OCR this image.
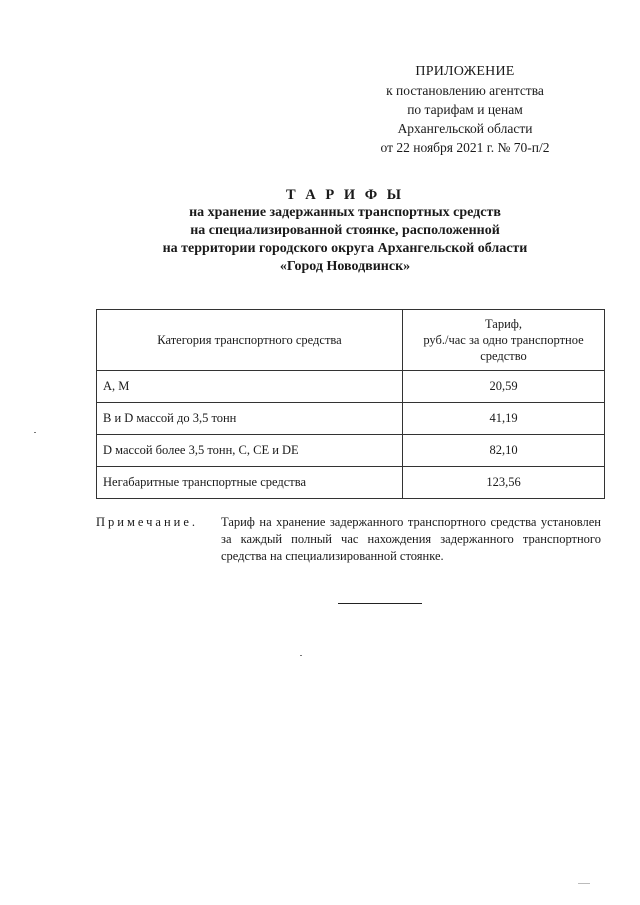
ПРИЛОЖЕНИЕ
к постановлению агентства
по тарифам и ценам
Архангельской области
от 22 ноября 2021 г. № 70-п/2
Т А Р И Ф Ы
на хранение задержанных транспортных средств
на специализированной стоянке, расположенной
на территории городского округа Архангельской области
«Город Новодвинск»
Категория транспортного средства	Тариф,
руб./час за одно транспортное
средство

А, М	20,59
В и D массой до 3,5 тонн	41,19
D массой более 3,5 тонн, С, СЕ и DЕ	82,10
Негабаритные транспортные средства	123,56
Примечание. Тариф на хранение задержанного транспортного средства установлен за каждый полный час нахождения задержанного транспортного средства на специализированной стоянке.
